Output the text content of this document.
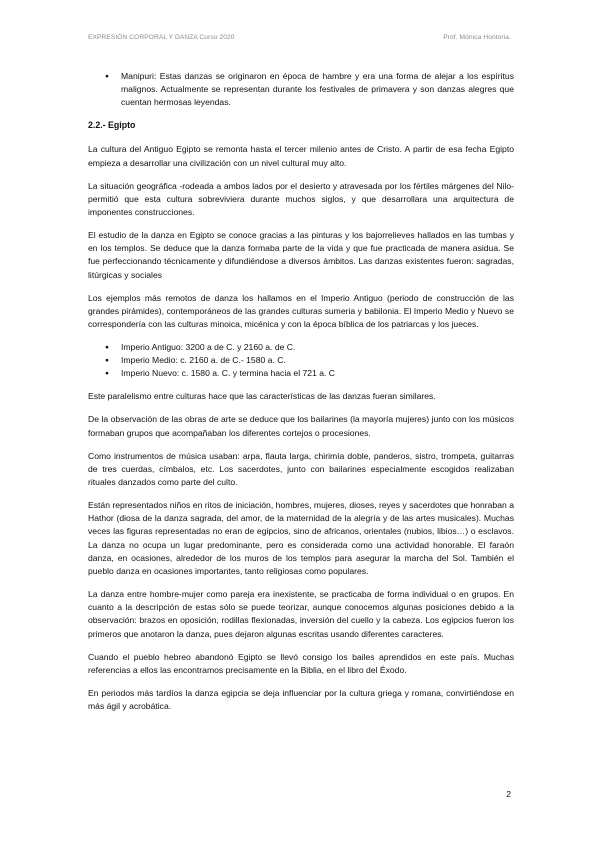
EXPRESIÓN CORPORAL Y DANZA Curso 2020	Prof. Mónica Hontoria.
● Manipuri: Estas danzas se originaron en época de hambre y era una forma de alejar a los espíritus malignos. Actualmente se representan durante los festivales de primavera y son danzas alegres que cuentan hermosas leyendas.
2.2.- Egipto

La cultura del Antiguo Egipto se remonta hasta el tercer milenio antes de Cristo. A partir de esa fecha Egipto empieza a desarrollar una civilización con un nivel cultural muy alto.

La situación geográfica -rodeada a ambos lados por el desierto y atravesada por los fértiles márgenes del Nilo- permitió que esta cultura sobreviviera durante muchos siglos, y que desarrollara una arquitectura de imponentes construcciones.

El estudio de la danza en Egipto se conoce gracias a las pinturas y los bajorrelieves hallados en las tumbas y en los templos. Se deduce que la danza formaba parte de la vida y que fue practicada de manera asidua. Se fue perfeccionando técnicamente y difundiéndose a diversos ámbitos. Las danzas existentes fueron: sagradas, litúrgicas y sociales

Los ejemplos más remotos de danza los hallamos en el Imperio Antiguo (periodo de construcción de las grandes pirámides), contemporáneos de las grandes culturas sumeria y babilonia. El Imperio Medio y Nuevo se correspondería con las culturas minoica, micénica y con la época bíblica de los patriarcas y los jueces.

● Imperio Antiguo: 3200 a de C. y 2160 a. de C.
● Imperio Medio: c. 2160 a. de C.- 1580 a. C.
● Imperio Nuevo: c. 1580 a. C. y termina hacia el 721 a. C

Este paralelismo entre culturas hace que las características de las danzas fueran similares.

De la observación de las obras de arte se deduce que los bailarines (la mayoría mujeres) junto con los músicos formaban grupos que acompañaban los diferentes cortejos o procesiones.

Como instrumentos de música usaban: arpa, flauta larga, chirimía doble, panderos, sistro, trompeta, guitarras de tres cuerdas, címbalos, etc. Los sacerdotes, junto con bailarines especialmente escogidos realizaban rituales danzados como parte del culto.

Están representados niños en ritos de iniciación, hombres, mujeres, dioses, reyes y sacerdotes que honraban a Hathor (diosa de la danza sagrada, del amor, de la maternidad de la alegría y de las artes musicales). Muchas veces las figuras representadas no eran de egipcios, sino de africanos, orientales (nubios, libios…) o esclavos. La danza no ocupa un lugar predominante, pero es considerada como una actividad honorable. El faraón danza, en ocasiones, alrededor de los muros de los templos para asegurar la marcha del Sol. También el pueblo danza en ocasiones importantes, tanto religiosas como populares.

La danza entre hombre-mujer como pareja era inexistente, se practicaba de forma individual o en grupos. En cuanto a la descripción de estas sólo se puede teorizar, aunque conocemos algunas posiciones debido a la observación: brazos en oposición, rodillas flexionadas, inversión del cuello y la cabeza. Los egipcios fueron los primeros que anotaron la danza, pues dejaron algunas escritas usando diferentes caracteres.

Cuando el pueblo hebreo abandonó Egipto se llevó consigo los bailes aprendidos en este país. Muchas referencias a ellos las encontramos precisamente en la Biblia, en el libro del Éxodo.

En periodos más tardíos la danza egipcia se deja influenciar por la cultura griega y romana, convirtiéndose en más ágil y acrobática.

2
